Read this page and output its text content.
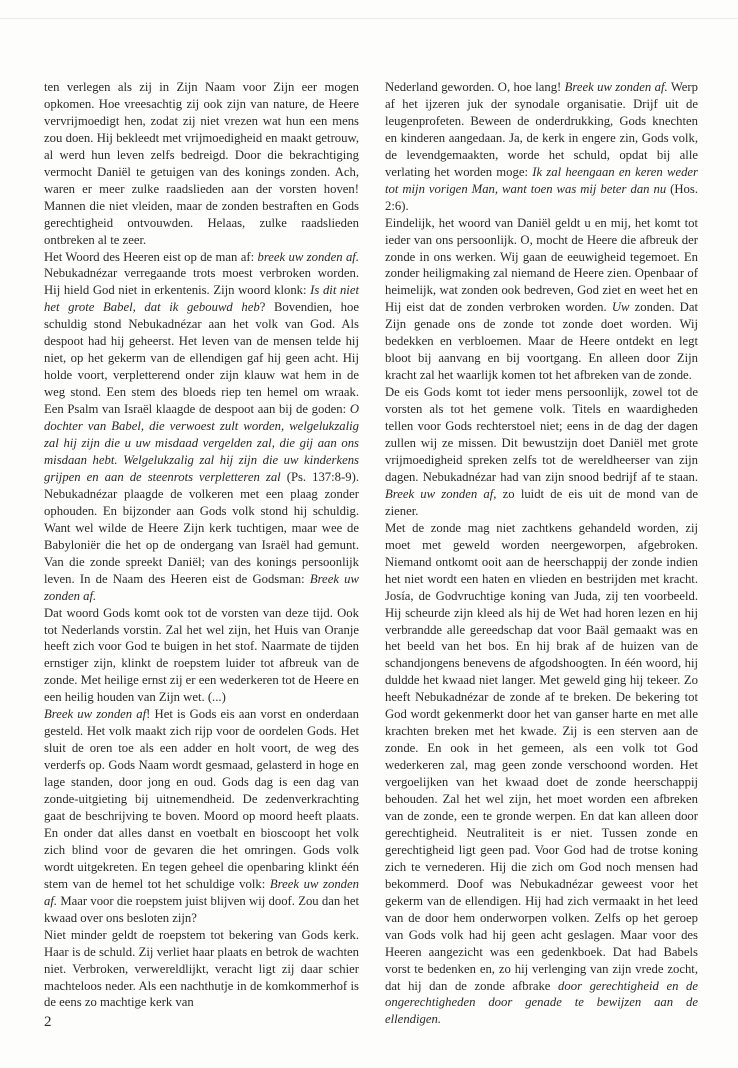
ten verlegen als zij in Zijn Naam voor Zijn eer mogen opkomen. Hoe vreesachtig zij ook zijn van nature, de Heere vervrijmoedigt hen, zodat zij niet vrezen wat hun een mens zou doen. Hij bekleedt met vrijmoedigheid en maakt getrouw, al werd hun leven zelfs bedreigd. Door die bekrachtiging vermocht Daniël te getuigen van des konings zonden. Ach, waren er meer zulke raadslieden aan der vorsten hoven! Mannen die niet vleiden, maar de zonden bestraften en Gods gerechtigheid ontvouwden. Helaas, zulke raadslieden ontbreken al te zeer.

Het Woord des Heeren eist op de man af: breek uw zonden af. Nebukadnézar verregaande trots moest verbroken worden. Hij hield God niet in erkentenis. Zijn woord klonk: Is dit niet het grote Babel, dat ik gebouwd heb? Bovendien, hoe schuldig stond Nebukadnézar aan het volk van God. Als despoot had hij geheerst. Het leven van de mensen telde hij niet, op het gekerm van de ellendigen gaf hij geen acht. Hij holde voort, verpletterend onder zijn klauw wat hem in de weg stond. Een stem des bloeds riep ten hemel om wraak. Een Psalm van Israël klaagde de despoot aan bij de goden: O dochter van Babel, die verwoest zult worden, welgelukzalig zal hij zijn die u uw misdaad vergelden zal, die gij aan ons misdaan hebt. Welgelukzalig zal hij zijn die uw kinderkens grijpen en aan de steenrots verpletteren zal (Ps. 137:8-9). Nebukadnézar plaagde de volkeren met een plaag zonder ophouden. En bijzonder aan Gods volk stond hij schuldig. Want wel wilde de Heere Zijn kerk tuchtigen, maar wee de Babyloniër die het op de ondergang van Israël had gemunt. Van die zonde spreekt Daniël; van des konings persoonlijk leven. In de Naam des Heeren eist de Godsman: Breek uw zonden af.

Dat woord Gods komt ook tot de vorsten van deze tijd. Ook tot Nederlands vorstin. Zal het wel zijn, het Huis van Oranje heeft zich voor God te buigen in het stof. Naarmate de tijden ernstiger zijn, klinkt de roepstem luider tot afbreuk van de zonde. Met heilige ernst zij er een wederkeren tot de Heere en een heilig houden van Zijn wet. (...)

Breek uw zonden af! Het is Gods eis aan vorst en onderdaan gesteld. Het volk maakt zich rijp voor de oordelen Gods. Het sluit de oren toe als een adder en holt voort, de weg des verderfs op. Gods Naam wordt gesmaad, gelasterd in hoge en lage standen, door jong en oud. Gods dag is een dag van zonde-uitgieting bij uitnemendheid. De zedenverkrachting gaat de beschrijving te boven. Moord op moord heeft plaats. En onder dat alles danst en voetbalt en bioscoopt het volk zich blind voor de gevaren die het omringen. Gods volk wordt uitgekreten. En tegen geheel die openbaring klinkt één stem van de hemel tot het schuldige volk: Breek uw zonden af. Maar voor die roepstem juist blijven wij doof. Zou dan het kwaad over ons besloten zijn?

Niet minder geldt de roepstem tot bekering van Gods kerk. Haar is de schuld. Zij verliet haar plaats en betrok de wachten niet. Verbroken, verwereldlijkt, veracht ligt zij daar schier machteloos neder. Als een nachthutje in de komkommerhof is de eens zo machtige kerk van

Nederland geworden. O, hoe lang! Breek uw zonden af. Werp af het ijzeren juk der synodale organisatie. Drijf uit de leugenprofeten. Beween de onderdrukking, Gods knechten en kinderen aangedaan. Ja, de kerk in engere zin, Gods volk, de levendgemaakten, worde het schuld, opdat bij alle verlating het worden moge: Ik zal heengaan en keren weder tot mijn vorigen Man, want toen was mij beter dan nu (Hos. 2:6).

Eindelijk, het woord van Daniël geldt u en mij, het komt tot ieder van ons persoonlijk. O, mocht de Heere die afbreuk der zonde in ons werken. Wij gaan de eeuwigheid tegemoet. En zonder heiligmaking zal niemand de Heere zien. Openbaar of heimelijk, wat zonden ook bedreven, God ziet en weet het en Hij eist dat de zonden verbroken worden. Uw zonden. Dat Zijn genade ons de zonde tot zonde doet worden. Wij bedekken en verbloemen. Maar de Heere ontdekt en legt bloot bij aanvang en bij voortgang. En alleen door Zijn kracht zal het waarlijk komen tot het afbreken van de zonde.

De eis Gods komt tot ieder mens persoonlijk, zowel tot de vorsten als tot het gemene volk. Titels en waardigheden tellen voor Gods rechterstoel niet; eens in de dag der dagen zullen wij ze missen. Dit bewustzijn doet Daniël met grote vrijmoedigheid spreken zelfs tot de wereldheerser van zijn dagen. Nebukadnézar had van zijn snood bedrijf af te staan. Breek uw zonden af, zo luidt de eis uit de mond van de ziener.

Met de zonde mag niet zachtkens gehandeld worden, zij moet met geweld worden neergeworpen, afgebroken. Niemand ontkomt ooit aan de heerschappij der zonde indien het niet wordt een haten en vlieden en bestrijden met kracht. Josía, de Godvruchtige koning van Juda, zij ten voorbeeld. Hij scheurde zijn kleed als hij de Wet had horen lezen en hij verbrandde alle gereedschap dat voor Baäl gemaakt was en het beeld van het bos. En hij brak af de huizen van de schandjongens benevens de afgodshoogten. In één woord, hij duldde het kwaad niet langer. Met geweld ging hij tekeer. Zo heeft Nebukadnézar de zonde af te breken. De bekering tot God wordt gekenmerkt door het van ganser harte en met alle krachten breken met het kwade. Zij is een sterven aan de zonde. En ook in het gemeen, als een volk tot God wederkeren zal, mag geen zonde verschoond worden. Het vergoelijken van het kwaad doet de zonde heerschappij behouden. Zal het wel zijn, het moet worden een afbreken van de zonde, een te gronde werpen. En dat kan alleen door gerechtigheid. Neutraliteit is er niet. Tussen zonde en gerechtigheid ligt geen pad. Voor God had de trotse koning zich te vernederen. Hij die zich om God noch mensen had bekommerd. Doof was Nebukadnézar geweest voor het gekerm van de ellendigen. Hij had zich vermaakt in het leed van de door hem onderworpen volken. Zelfs op het geroep van Gods volk had hij geen acht geslagen. Maar voor des Heeren aangezicht was een gedenkboek. Dat had Babels vorst te bedenken en, zo hij verlenging van zijn vrede zocht, dat hij dan de zonde afbrake door gerechtigheid en de ongerechtigheden door genade te bewijzen aan de ellendigen.

2
